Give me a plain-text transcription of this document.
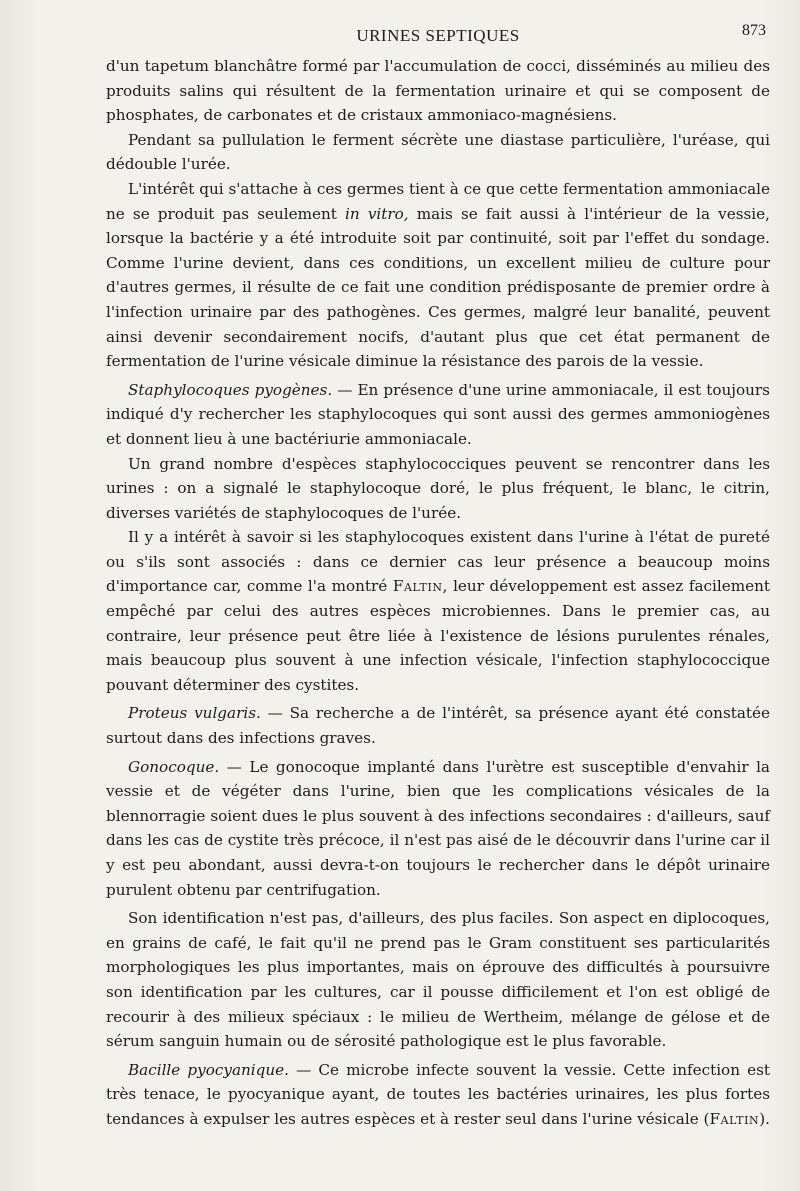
URINES SEPTIQUES	873

d'un tapetum blanchâtre formé par l'accumulation de cocci, disséminés au milieu des produits salins qui résultent de la fermentation urinaire et qui se composent de phosphates, de carbonates et de cristaux ammoniaco-magnésiens.

Pendant sa pullulation le ferment sécrète une diastase particulière, l'uréase, qui dédouble l'urée.

L'intérêt qui s'attache à ces germes tient à ce que cette fermentation ammoniacale ne se produit pas seulement in vitro, mais se fait aussi à l'intérieur de la vessie, lorsque la bactérie y a été introduite soit par continuité, soit par l'effet du sondage. Comme l'urine devient, dans ces conditions, un excellent milieu de culture pour d'autres germes, il résulte de ce fait une condition prédisposante de premier ordre à l'infection urinaire par des pathogènes. Ces germes, malgré leur banalité, peuvent ainsi devenir secondairement nocifs, d'autant plus que cet état permanent de fermentation de l'urine vésicale diminue la résistance des parois de la vessie.

Staphylocoques pyogènes. — En présence d'une urine ammoniacale, il est toujours indiqué d'y rechercher les staphylocoques qui sont aussi des germes ammoniogènes et donnent lieu à une bactériurie ammoniacale.

Un grand nombre d'espèces staphylococciques peuvent se rencontrer dans les urines : on a signalé le staphylocoque doré, le plus fréquent, le blanc, le citrin, diverses variétés de staphylocoques de l'urée.

Il y a intérêt à savoir si les staphylocoques existent dans l'urine à l'état de pureté ou s'ils sont associés : dans ce dernier cas leur présence a beaucoup moins d'importance car, comme l'a montré Faltin, leur développement est assez facilement empêché par celui des autres espèces microbiennes. Dans le premier cas, au contraire, leur présence peut être liée à l'existence de lésions purulentes rénales, mais beaucoup plus souvent à une infection vésicale, l'infection staphylococcique pouvant déterminer des cystites.

Proteus vulgaris. — Sa recherche a de l'intérêt, sa présence ayant été constatée surtout dans des infections graves.

Gonocoque. — Le gonocoque implanté dans l'urètre est susceptible d'envahir la vessie et de végéter dans l'urine, bien que les complications vésicales de la blennorragie soient dues le plus souvent à des infections secondaires : d'ailleurs, sauf dans les cas de cystite très précoce, il n'est pas aisé de le découvrir dans l'urine car il y est peu abondant, aussi devra-t-on toujours le rechercher dans le dépôt urinaire purulent obtenu par centrifugation.

Son identification n'est pas, d'ailleurs, des plus faciles. Son aspect en diplocoques, en grains de café, le fait qu'il ne prend pas le Gram constituent ses particularités morphologiques les plus importantes, mais on éprouve des difficultés à poursuivre son identification par les cultures, car il pousse difficilement et l'on est obligé de recourir à des milieux spéciaux : le milieu de Wertheim, mélange de gélose et de sérum sanguin humain ou de sérosité pathologique est le plus favorable.

Bacille pyocyanique. — Ce microbe infecte souvent la vessie. Cette infection est très tenace, le pyocyanique ayant, de toutes les bactéries urinaires, les plus fortes tendances à expulser les autres espèces et à rester seul dans l'urine vésicale (Faltin).
